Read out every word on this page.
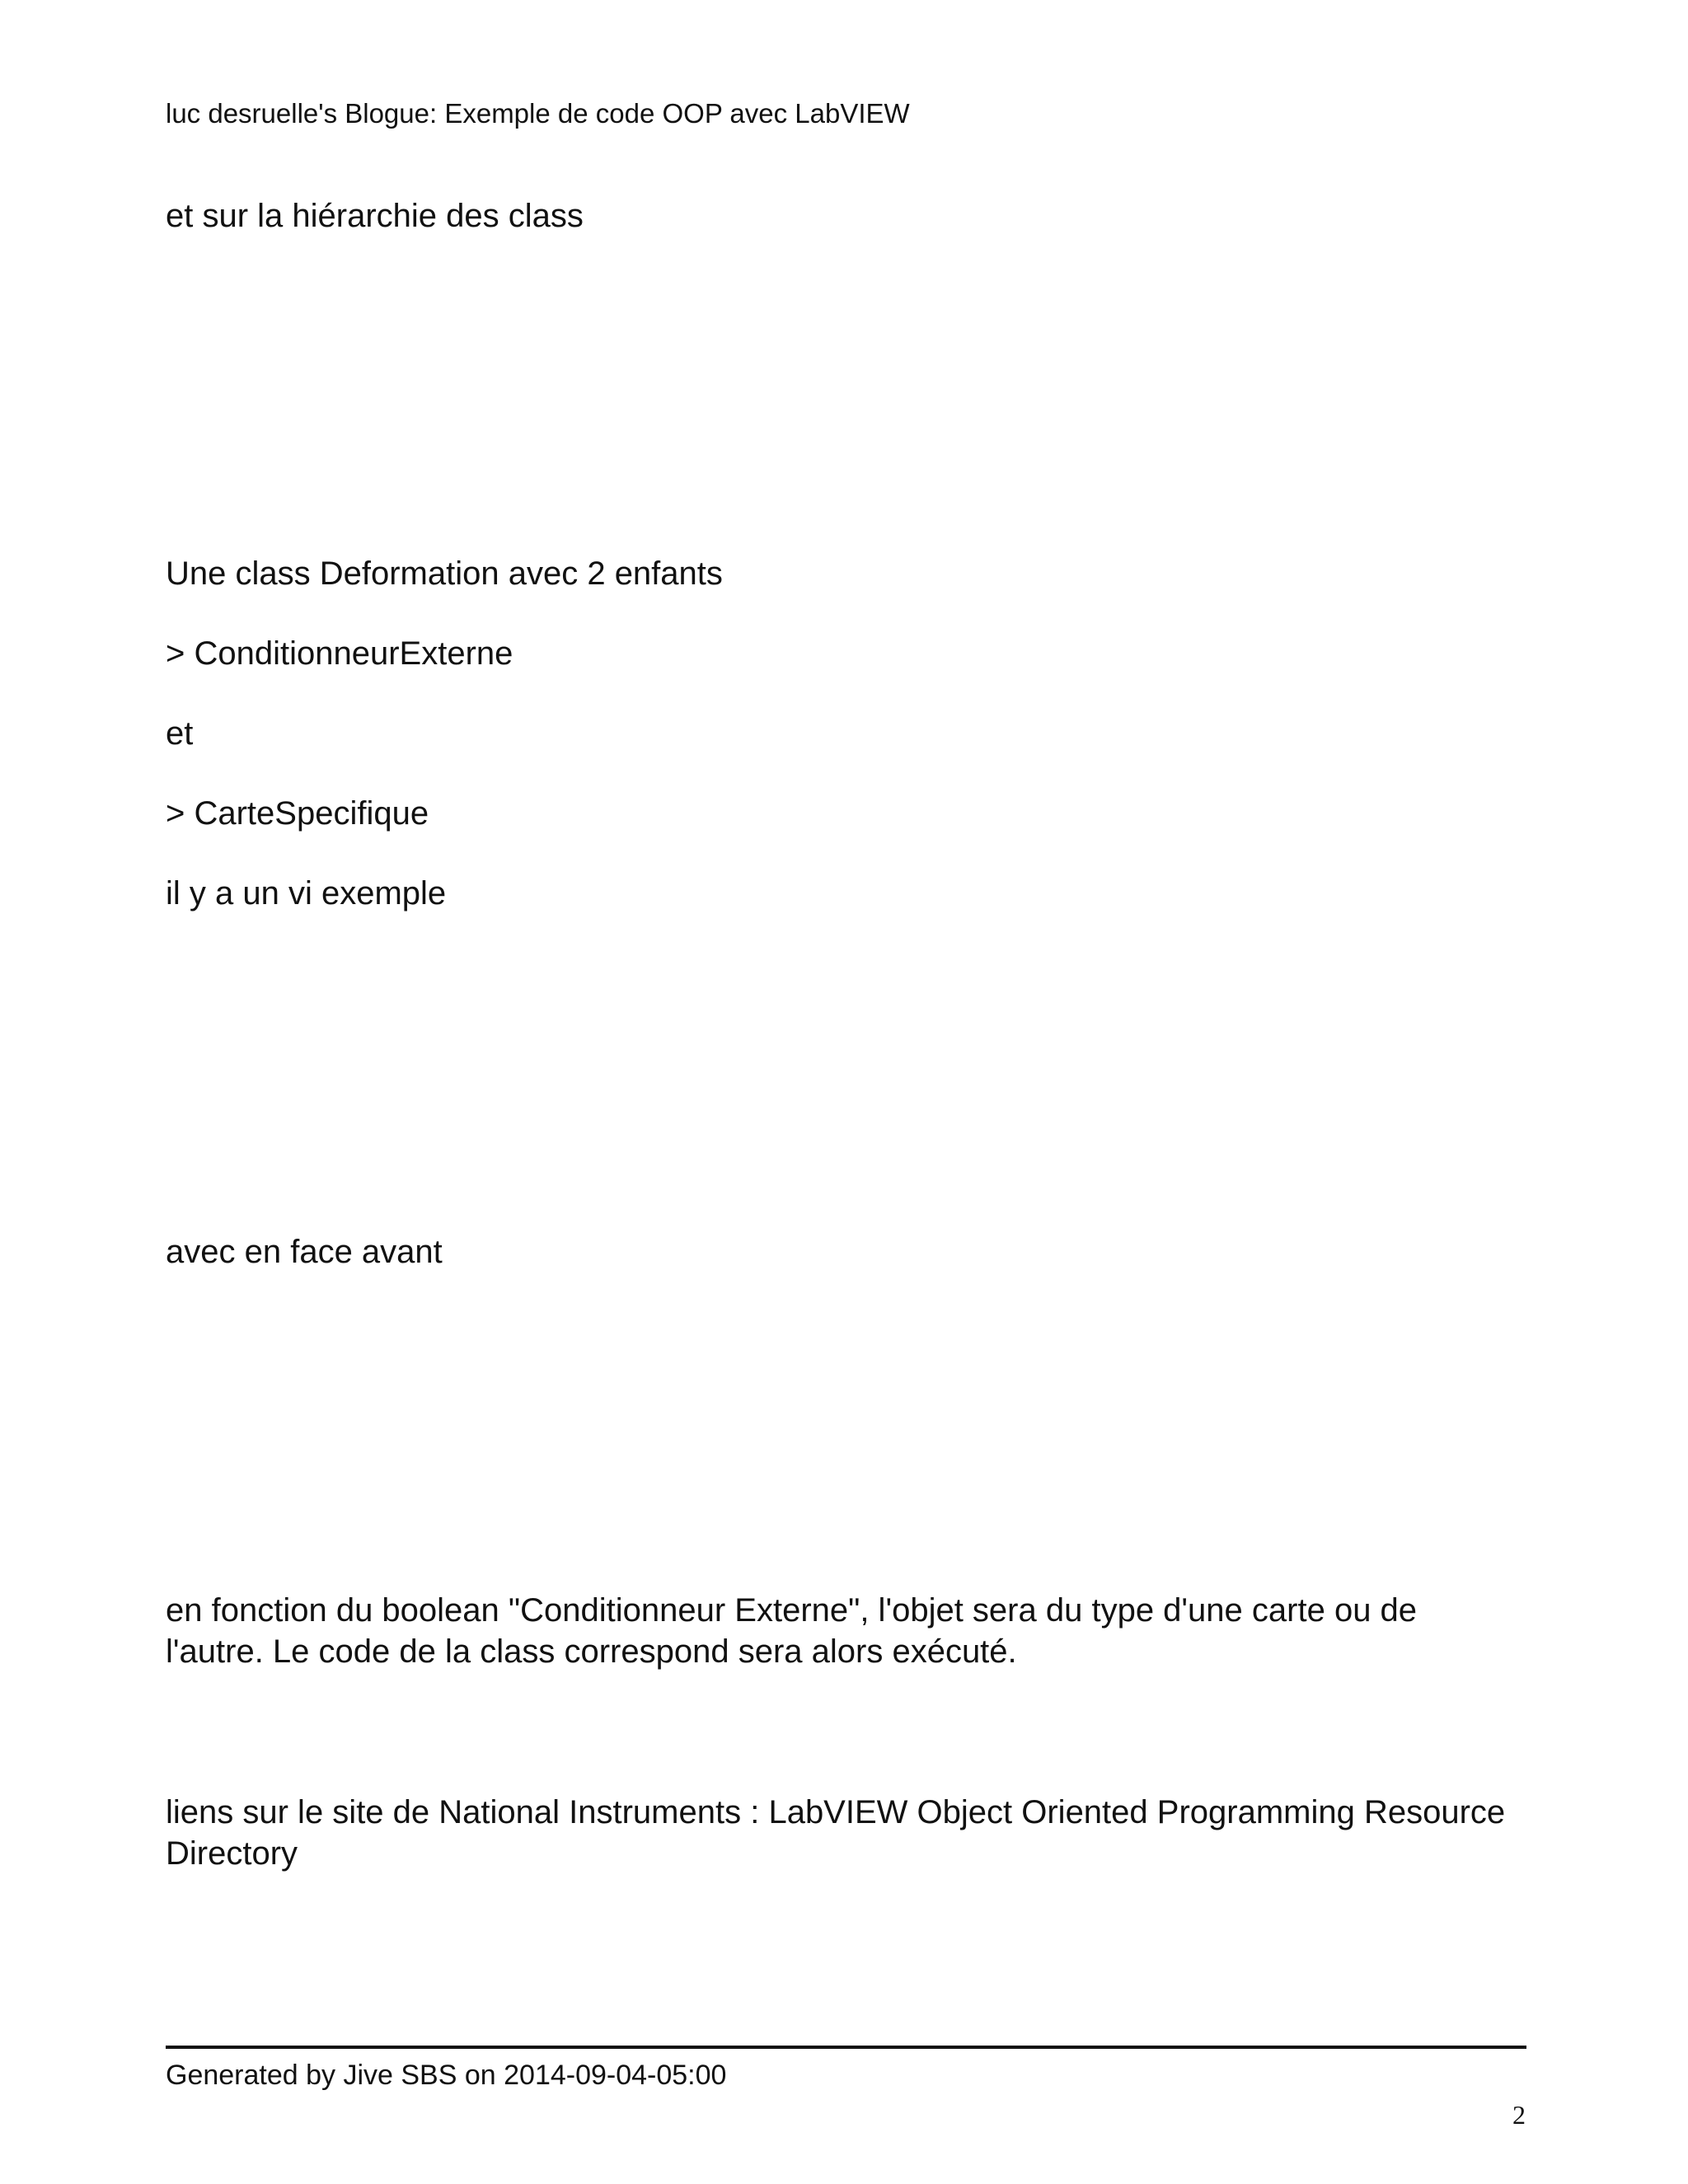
luc desruelle's Blogue: Exemple de code OOP avec LabVIEW
et sur la hiérarchie des class
Une class Deformation avec 2 enfants
> ConditionneurExterne
et
> CarteSpecifique
il y a un vi exemple
avec en face avant
en fonction du boolean "Conditionneur Externe", l'objet sera du type d'une carte ou de
l'autre. Le code de la class correspond sera alors exécuté.
liens sur le site de National Instruments : LabVIEW Object Oriented Programming Resource
Directory
Generated by Jive SBS on 2014-09-04-05:00
2
